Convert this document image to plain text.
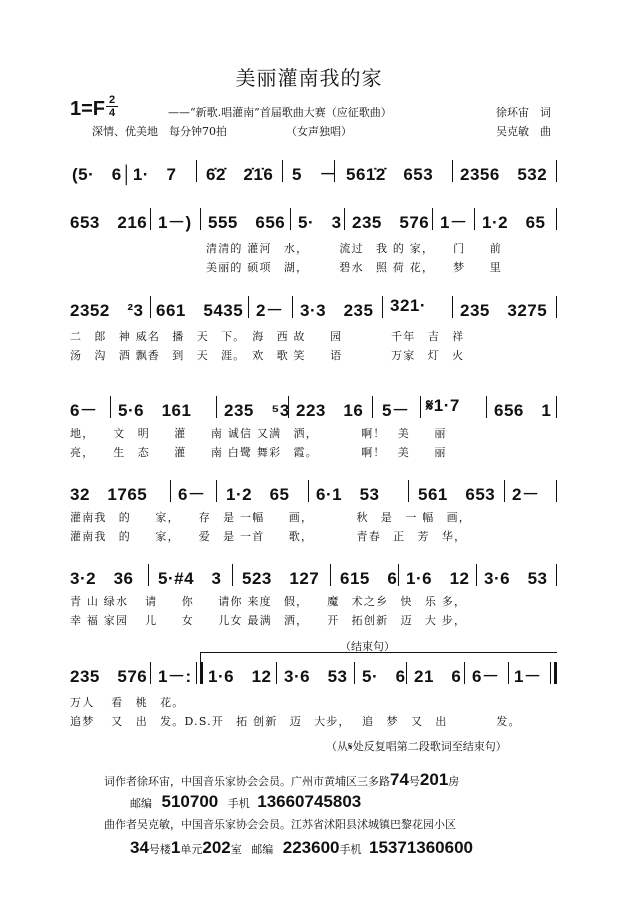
美丽灌南我的家
1=F 2
4	——“新歌.唱灌南”首届歌曲大赛（应征歌曲）	徐环宙　词
深情、优美地　每分钟70拍	（女声独唱）	吴克敏　曲
(5·　6│1·　7 6̇2̇　2̇1̇6 5　－ 561̇2̇　653 2356　532
653　216 1－) 555　656 5·　3 235　576 1－ 1·2　65
清清的 灌河　水，　　　流过　我 的 家，　　门　　前
美丽的 硕项　湖，　　　碧水　照 荷 花，　　梦　　里
2352　²3 661　5435 2－ 3·3　235 321· 235　3275
二　郎　神 威名　播　天　下。　海　西 故　　园　　　　千年　吉　祥
汤　沟　酒 飘香　到　天　涯。　欢　歌 笑　　语　　　　万家　灯　火
6－ 5·6　161 235　⁵3 223　16 5－ 𝄋1·7 656　1
地，　　文　明　　灌　　南 诚信 又满　洒，　　　　啊！　美　　丽
亮，　　生　态　　灌　　南 白鹭 舞彩　霞。　　　　啊！　美　　丽
32　1765 6－ 1·2　65 6·1　53 561　653 2－
灌南我　的　　家，　　存　是 一幅　　画，　　　　秋　是　一 幅　画，
灌南我　的　　家，　　爱　是 一首　　歌，　　　　青春　正　芳　华，
3·2　36 5·#4　3 523　127 615　6 1·6　12 3·6　53
青 山 绿水　 请　　你　　请你 来度　假，　　魔　术之乡　快　乐 多，
幸 福 家园　 儿　　女　　儿女 最满　洒，　　开　拓创新　迈　大 步，
（结束句）
235　576 1－: 1·6　12 3·6　53 5·　6 21　6 6－ 1－
万人　 看　桃　花。
追梦　 又　出　发。D.S.开　拓 创新　迈　大步，　 追　梦　又　出　　　　发。
（从𝄋处反复唱第二段歌词至结束句）
词作者徐环宙，中国音乐家协会会员。广州市黄埔区三多路74号201房
邮编 510700 手机 13660745803
曲作者吴克敏，中国音乐家协会会员。江苏省沭阳县沭城镇巴黎花园小区
34号楼1单元202室 邮编 223600手机 15371360600
